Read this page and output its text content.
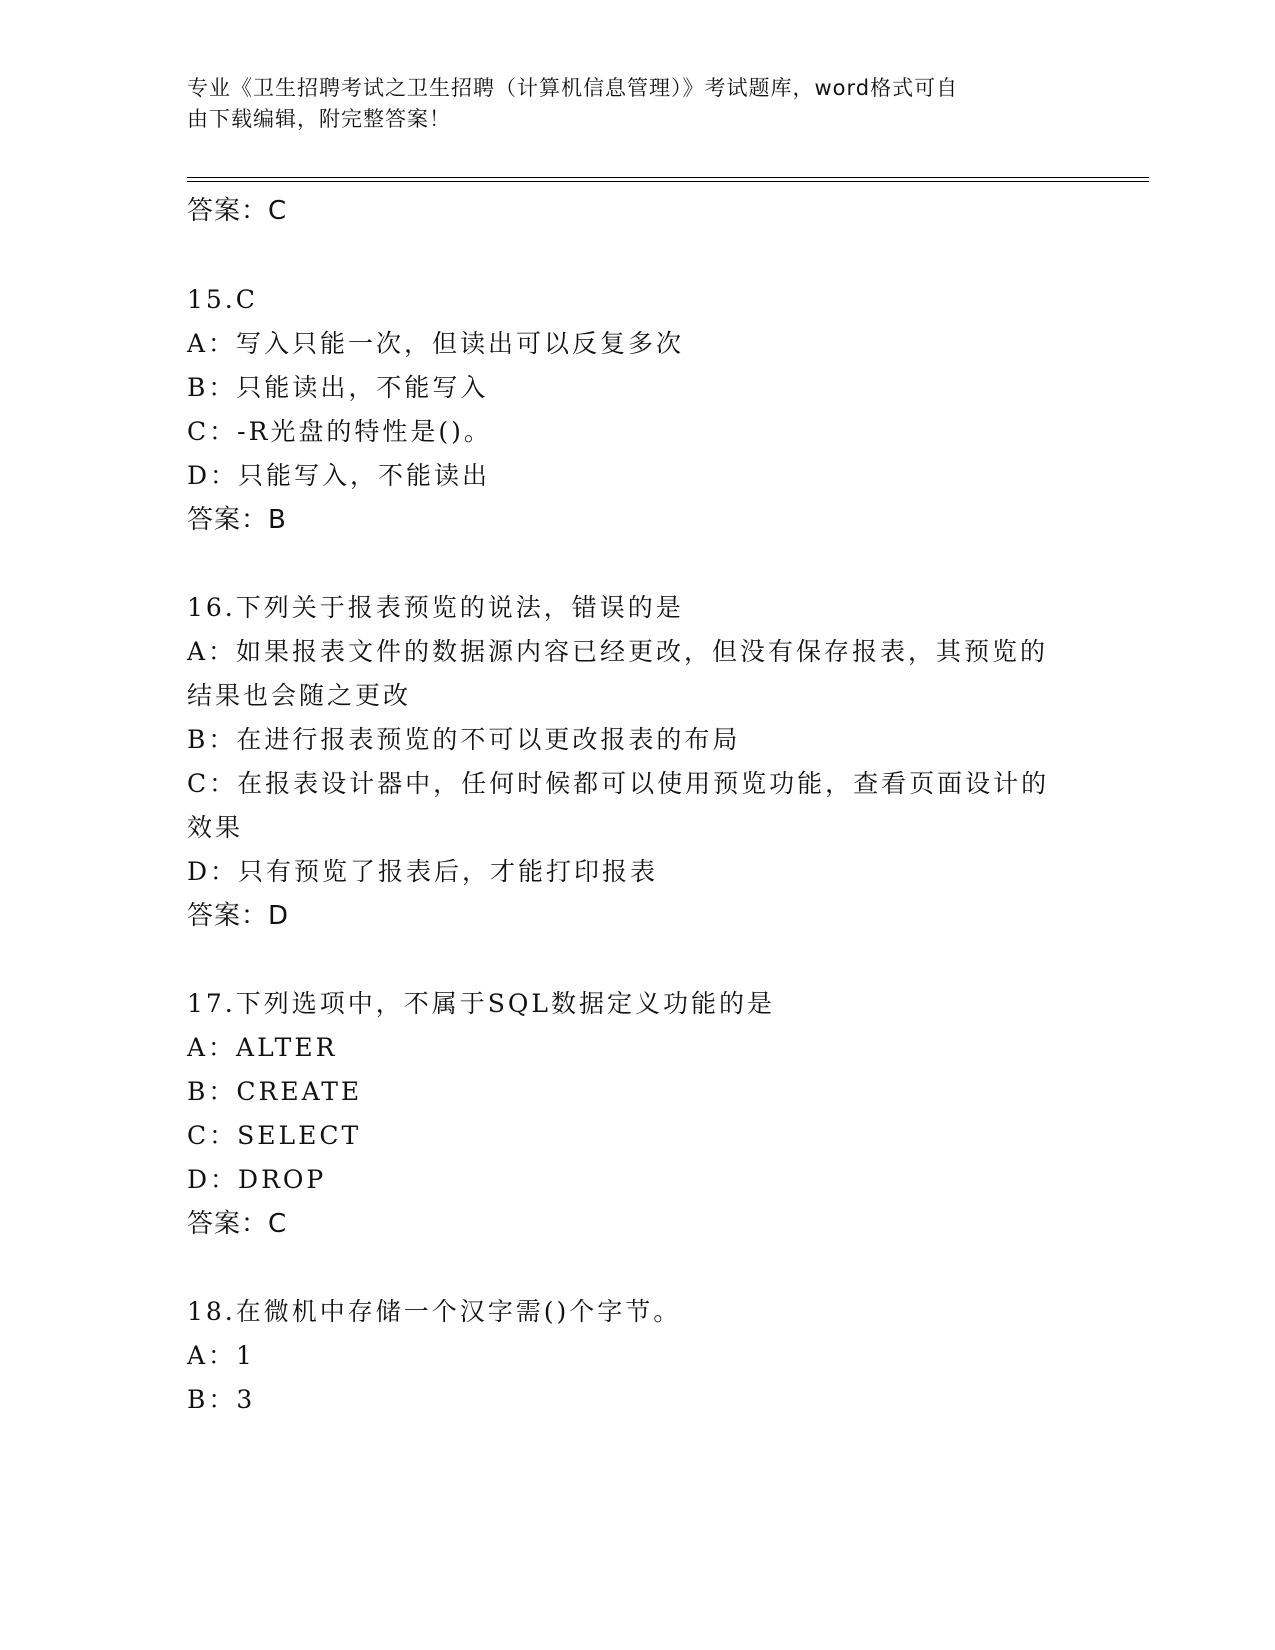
专业《卫生招聘考试之卫生招聘（计算机信息管理）》考试题库，word格式可自
由下载编辑，附完整答案！
答案：C
15.C
A：写入只能一次，但读出可以反复多次
B：只能读出，不能写入
C：-R光盘的特性是()。
D：只能写入，不能读出
答案：B
16.下列关于报表预览的说法，错误的是
A：如果报表文件的数据源内容已经更改，但没有保存报表，其预览的
结果也会随之更改
B：在进行报表预览的不可以更改报表的布局
C：在报表设计器中，任何时候都可以使用预览功能，查看页面设计的
效果
D：只有预览了报表后，才能打印报表
答案：D
17.下列选项中，不属于SQL数据定义功能的是
A：ALTER
B：CREATE
C：SELECT
D：DROP
答案：C
18.在微机中存储一个汉字需()个字节。
A：1
B：3
